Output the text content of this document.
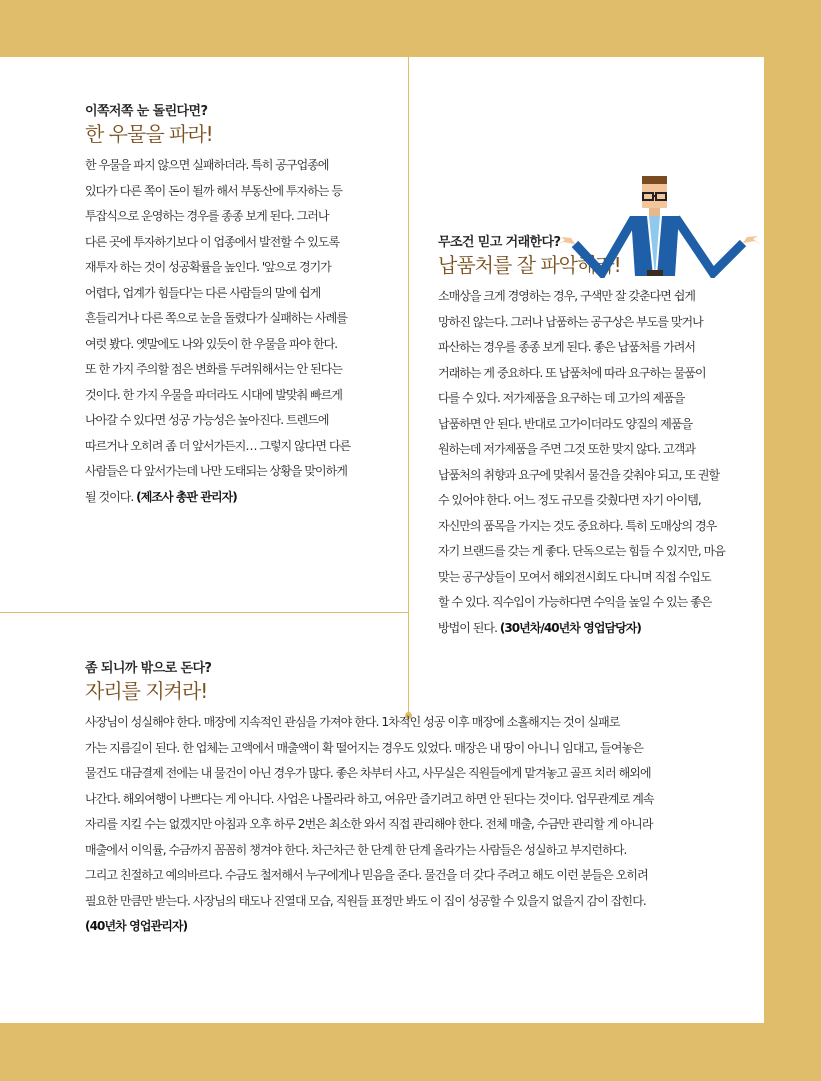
이쪽저쪽 눈 돌린다면?
한 우물을 파라!
한 우물을 파지 않으면 실패하더라. 특히 공구업종에
있다가 다른 쪽이 돈이 될까 해서 부동산에 투자하는 등
투잡식으로 운영하는 경우를 종종 보게 된다. 그러나
다른 곳에 투자하기보다 이 업종에서 발전할 수 있도록
재투자 하는 것이 성공확률을 높인다. '앞으로 경기가
어렵다, 업계가 힘들다'는 다른 사람들의 말에 쉽게
흔들리거나 다른 쪽으로 눈을 돌렸다가 실패하는 사례를
여럿 봤다. 옛말에도 나와 있듯이 한 우물을 파야 한다.
또 한 가지 주의할 점은 변화를 두려워해서는 안 된다는
것이다. 한 가지 우물을 파더라도 시대에 발맞춰 빠르게
나아갈 수 있다면 성공 가능성은 높아진다. 트렌드에
따르거나 오히려 좀 더 앞서가든지… 그렇지 않다면 다른
사람들은 다 앞서가는데 나만 도태되는 상황을 맞이하게
될 것이다. (제조사 총판 관리자)
무조건 믿고 거래한다?
납품처를 잘 파악해라!
소매상을 크게 경영하는 경우, 구색만 잘 갖춘다면 쉽게
망하진 않는다. 그러나 납품하는 공구상은 부도를 맞거나
파산하는 경우를 종종 보게 된다. 좋은 납품처를 가려서
거래하는 게 중요하다. 또 납품처에 따라 요구하는 물품이
다를 수 있다. 저가제품을 요구하는 데 고가의 제품을
납품하면 안 된다. 반대로 고가이더라도 양질의 제품을
원하는데 저가제품을 주면 그것 또한 맞지 않다. 고객과
납품처의 취향과 요구에 맞춰서 물건을 갖춰야 되고, 또 권할
수 있어야 한다. 어느 정도 규모를 갖췄다면 자기 아이템,
자신만의 품목을 가지는 것도 중요하다. 특히 도매상의 경우
자기 브랜드를 갖는 게 좋다. 단독으로는 힘들 수 있지만, 마음
맞는 공구상들이 모여서 해외전시회도 다니며 직접 수입도
할 수 있다. 직수입이 가능하다면 수익을 높일 수 있는 좋은
방법이 된다. (30년차/40년차 영업담당자)
좀 되니까 밖으로 돈다?
자리를 지켜라!
사장님이 성실해야 한다. 매장에 지속적인 관심을 가져야 한다. 1차적인 성공 이후 매장에 소홀해지는 것이 실패로
가는 지름길이 된다. 한 업체는 고액에서 매출액이 확 떨어지는 경우도 있었다. 매장은 내 땅이 아니니 임대고, 들여놓은
물건도 대금결제 전에는 내 물건이 아닌 경우가 많다. 좋은 차부터 사고, 사무실은 직원들에게 맡겨놓고 골프 치러 해외에
나간다. 해외여행이 나쁘다는 게 아니다. 사업은 나몰라라 하고, 여유만 즐기려고 하면 안 된다는 것이다. 업무관계로 계속
자리를 지킬 수는 없겠지만 아침과 오후 하루 2번은 최소한 와서 직접 관리해야 한다. 전체 매출, 수금만 관리할 게 아니라
매출에서 이익률, 수금까지 꼼꼼히 챙겨야 한다. 차근차근 한 단계 한 단계 올라가는 사람들은 성실하고 부지런하다.
그리고 친절하고 예의바르다. 수금도 철저해서 누구에게나 믿음을 준다. 물건을 더 갖다 주려고 해도 이런 분들은 오히려
필요한 만큼만 받는다. 사장님의 태도나 진열대 모습, 직원들 표정만 봐도 이 집이 성공할 수 있을지 없을지 감이 잡힌다.
(40년차 영업관리자)
